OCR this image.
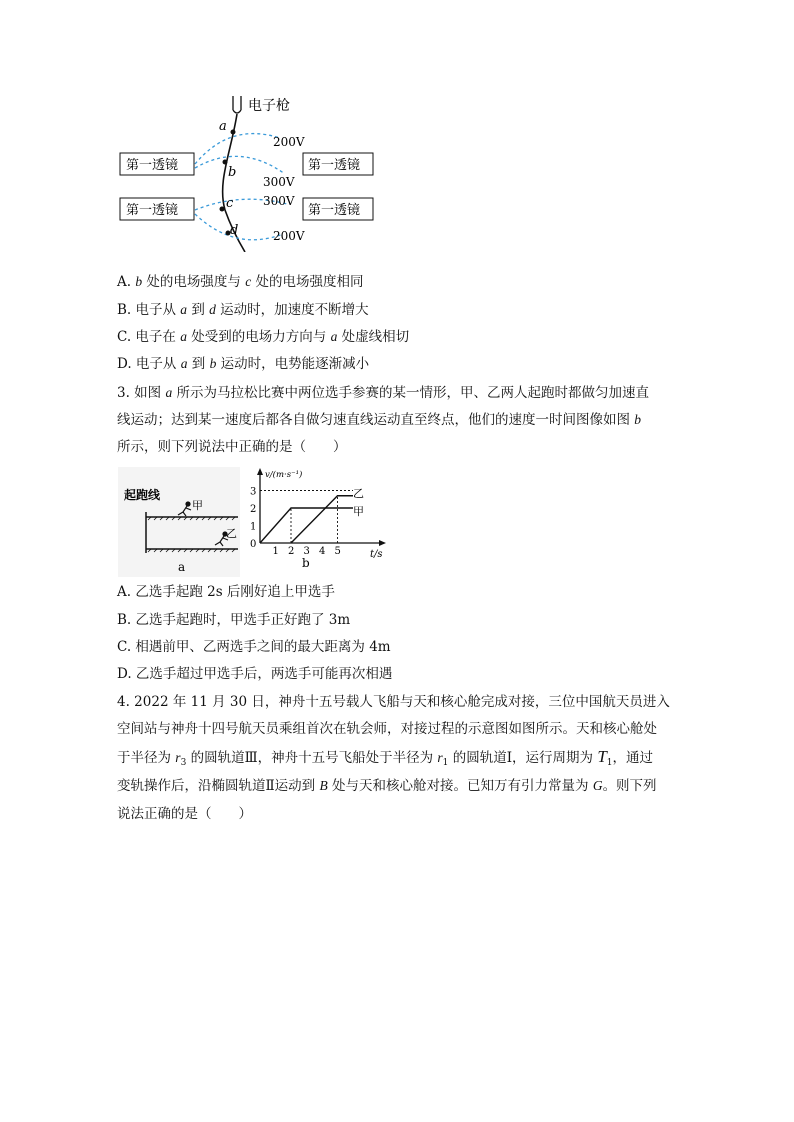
电子枪
a
b
c
d
200V
300V
300V
200V
第一透镜	第一透镜
第一透镜	第一透镜
A. b 处的电场强度与 c 处的电场强度相同
B. 电子从 a 到 d 运动时，加速度不断增大
C. 电子在 a 处受到的电场力方向与 a 处虚线相切
D. 电子从 a 到 b 运动时，电势能逐渐减小
3. 如图 a 所示为马拉松比赛中两位选手参赛的某一情形，甲、乙两人起跑时都做匀加速直
线运动；达到某一速度后都各自做匀速直线运动直至终点，他们的速度一时间图像如图 b
所示，则下列说法中正确的是（　　）
起跑线
甲
乙
a
v/(m·s⁻¹)
t/s
0
b
1 2 3 4 5
1
2
3	乙
甲
A. 乙选手起跑 2s 后刚好追上甲选手
B. 乙选手起跑时，甲选手正好跑了 3m
C. 相遇前甲、乙两选手之间的最大距离为 4m
D. 乙选手超过甲选手后，两选手可能再次相遇
4. 2022 年 11 月 30 日，神舟十五号载人飞船与天和核心舱完成对接，三位中国航天员进入
空间站与神舟十四号航天员乘组首次在轨会师，对接过程的示意图如图所示。天和核心舱处
于半径为 $r_3$ 的圆轨道Ⅲ，神舟十五号飞船处于半径为 $r_1$ 的圆轨道Ⅰ，运行周期为 $T_1$，通过
变轨操作后，沿椭圆轨道Ⅱ运动到 B 处与天和核心舱对接。已知万有引力常量为 G。则下列
说法正确的是（　　）
